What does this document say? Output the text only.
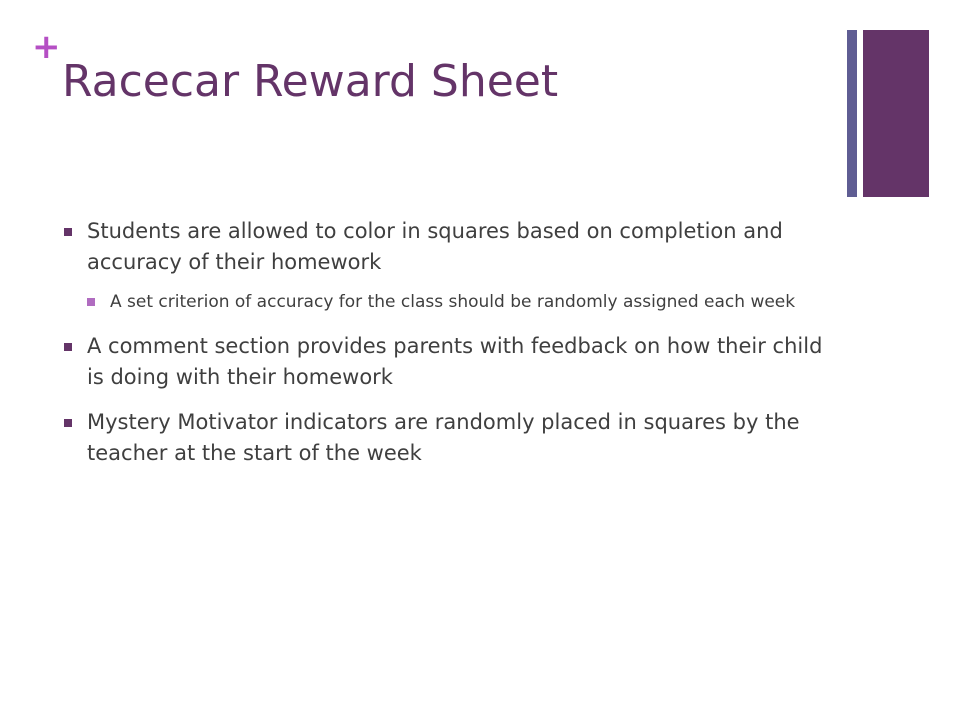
+
Racecar Reward Sheet
Students are allowed to color in squares based on completion and accuracy of their homework
A set criterion of accuracy for the class should be randomly assigned each week
A comment section provides parents with feedback on how their child is doing with their homework
Mystery Motivator indicators are randomly placed in squares by the teacher at the start of the week
